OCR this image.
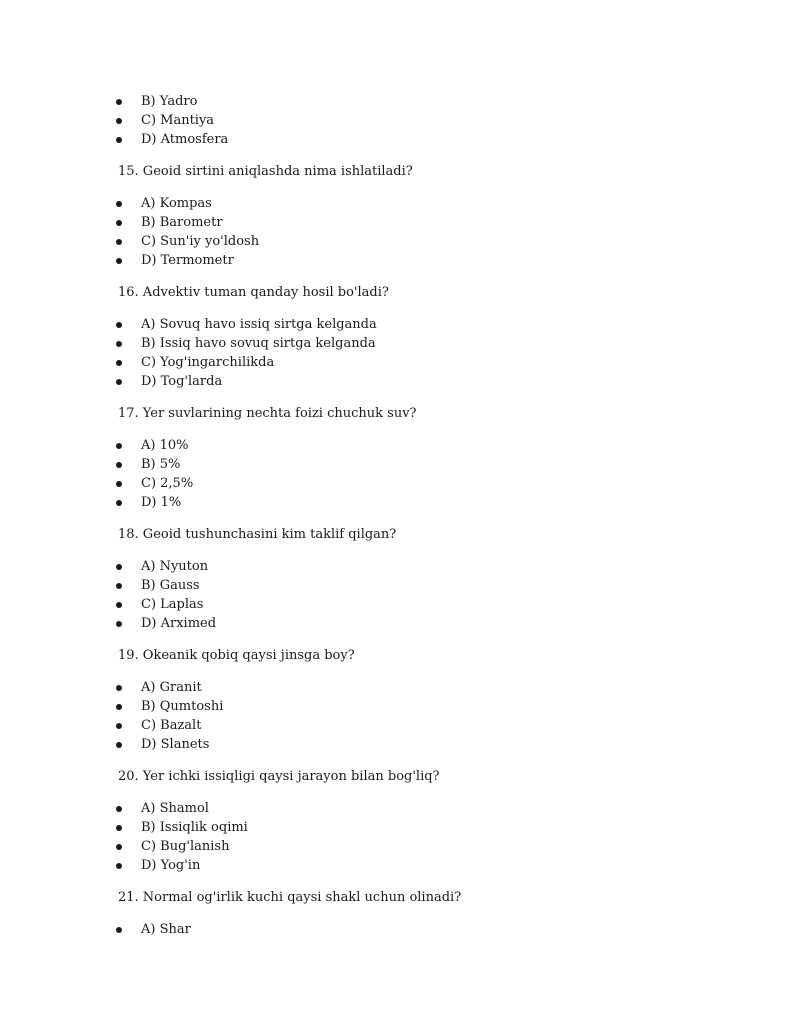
B) Yadro
C) Mantiya
D) Atmosfera
15. Geoid sirtini aniqlashda nima ishlatiladi?
A) Kompas
B) Barometr
C) Sun'iy yo'ldosh
D) Termometr
16. Advektiv tuman qanday hosil bo'ladi?
A) Sovuq havo issiq sirtga kelganda
B) Issiq havo sovuq sirtga kelganda
C) Yog'ingarchilikda
D) Tog'larda
17. Yer suvlarining nechta foizi chuchuk suv?
A) 10%
B) 5%
C) 2,5%
D) 1%
18. Geoid tushunchasini kim taklif qilgan?
A) Nyuton
B) Gauss
C) Laplas
D) Arximed
19. Okeanik qobiq qaysi jinsga boy?
A) Granit
B) Qumtoshi
C) Bazalt
D) Slanets
20. Yer ichki issiqligi qaysi jarayon bilan bog'liq?
A) Shamol
B) Issiqlik oqimi
C) Bug'lanish
D) Yog'in
21. Normal og'irlik kuchi qaysi shakl uchun olinadi?
A) Shar
